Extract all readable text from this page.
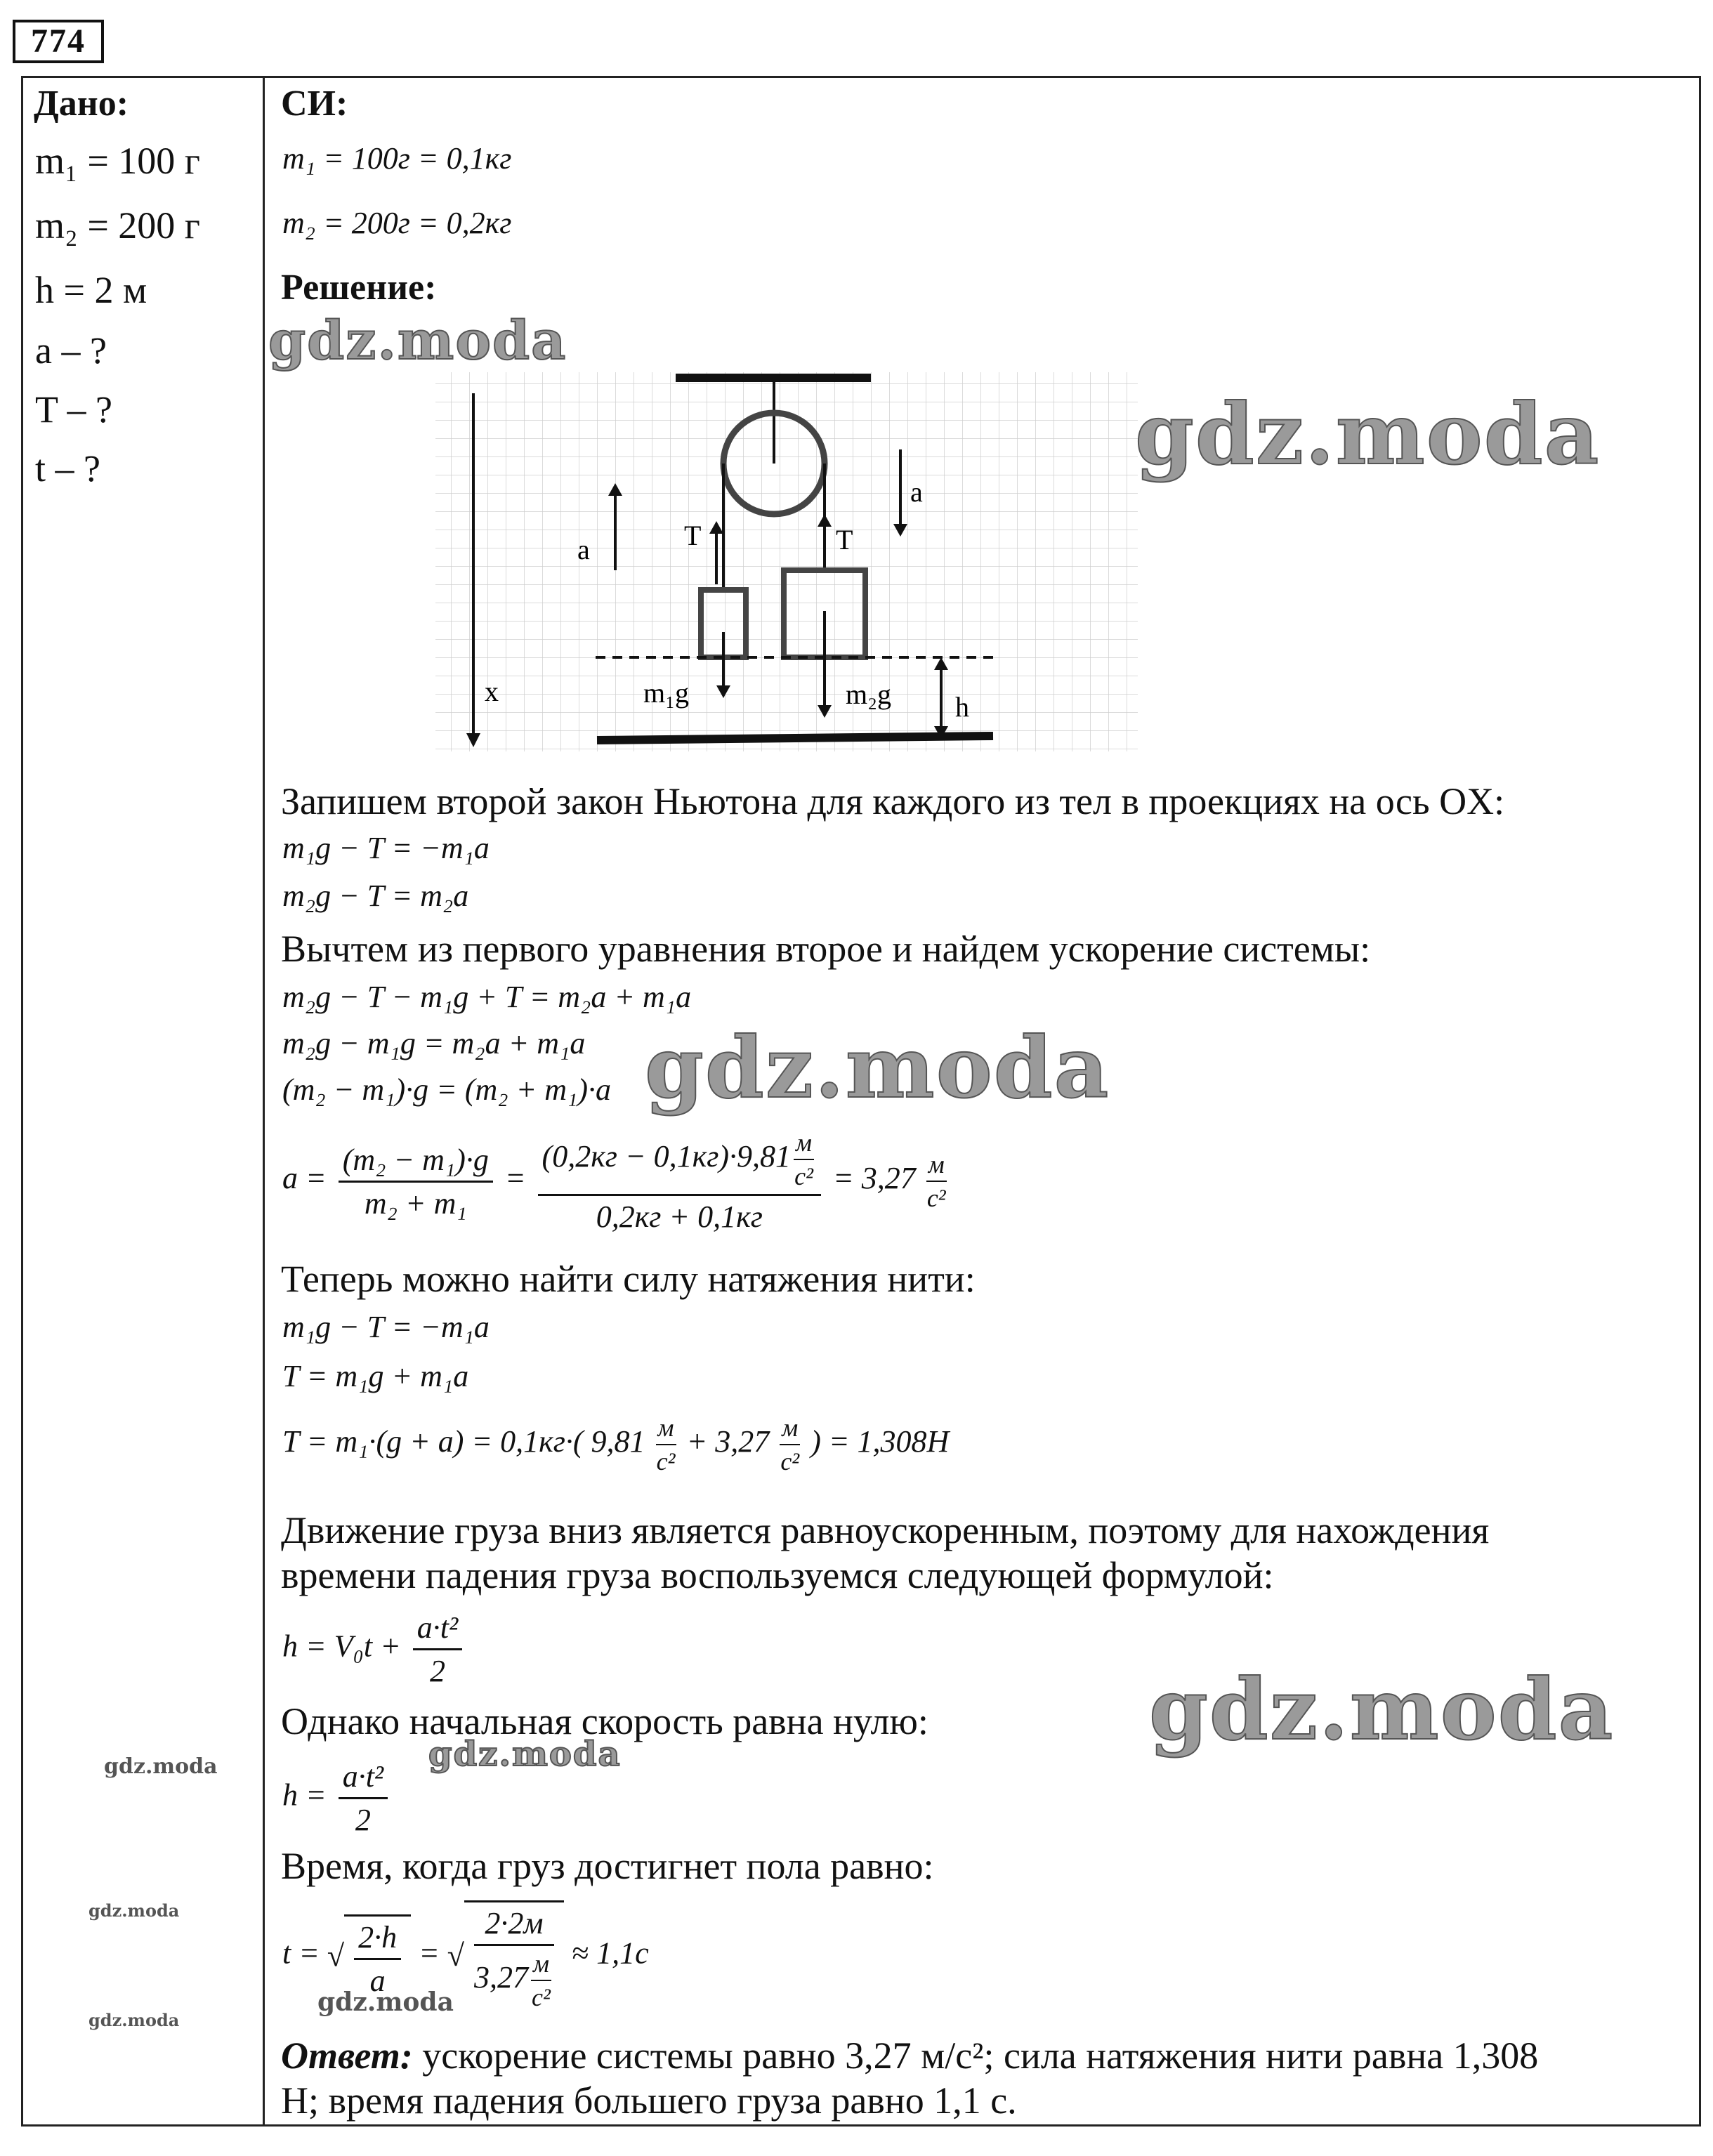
774
Дано:
m₁ = 100 г
m₂ = 200 г
h = 2 м
a – ?
T – ?
t – ?
СИ:
m₁ = 100г = 0,1кг
m₂ = 200г = 0,2кг
Решение:
a
a
T	T
m₁g	m₂g
x	h
Запишем второй закон Ньютона для каждого из тел в проекциях на ось OX:
m₁g − T = −m₁a
m₂g − T = m₂a
Вычтем из первого уравнения второе и найдем ускорение системы:
m₂g − T − m₁g + T = m₂a + m₁a
m₂g − m₁g = m₂a + m₁a
(m₂ − m₁)·g = (m₂ + m₁)·a
$a = \frac{\text{(m₂ − m₁)·g}}{\text{m₂ + m₁}} = \frac{(0,2кг - 0,1кг)\cdot 9,81 \frac{м}{\text{с²}}}{0,2кг + 0,1кг} = 3,27 \frac{м}{\text{с²}}$
Теперь можно найти силу натяжения нити:
m₁g − T = −m₁a
T = m₁g + m₁a
T = m₁·(g + a) = 0,1кг·( $9,81 \frac{м}{\text{с²}} + 3,27 \frac{м}{\text{с²}}$ ) = 1,308H
Движение груза вниз является равноускоренным, поэтому для нахождения
времени падения груза воспользуемся следующей формулой:
$h = V_0t + \frac{\text{a·t²}}{2}$
Однако начальная скорость равна нулю:
$h = \frac{\text{a·t²}}{2}$
Время, когда груз достигнет пола равно:
t = √ $\frac{2\cdot h}{a}$ = √ $\frac{2\cdot 2м}{3,27 \frac{м}{\text{с²}}} \approx 1,1c$
Ответ: ускорение системы равно 3,27 м/с²; сила натяжения нити равна 1,308
Н; время падения большего груза равно 1,1 с.
gdz.moda
gdz.moda
gdz.moda
gdz.moda
gdz.moda
gdz.moda
gdz.moda
gdz.moda
gdz.moda
